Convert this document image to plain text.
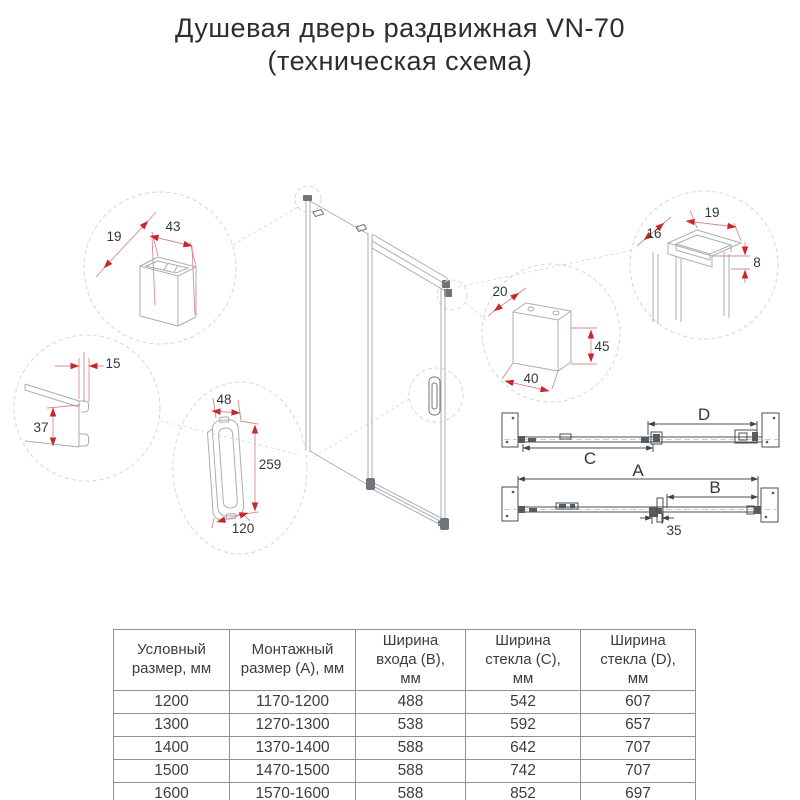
Душевая дверь раздвижная VN-70
(техническая схема)
43
19
15
37
48
259
120
20
45
40
19
16
8
D
C
A
B
35
Условный размер, мм	Монтажный размер (А), мм	Ширина входа (B), мм	Ширина стекла (C), мм	Ширина стекла (D), мм
1200	1170-1200	488	542	607
1300	1270-1300	538	592	657
1400	1370-1400	588	642	707
1500	1470-1500	588	742	707
1600	1570-1600	588	852	697
